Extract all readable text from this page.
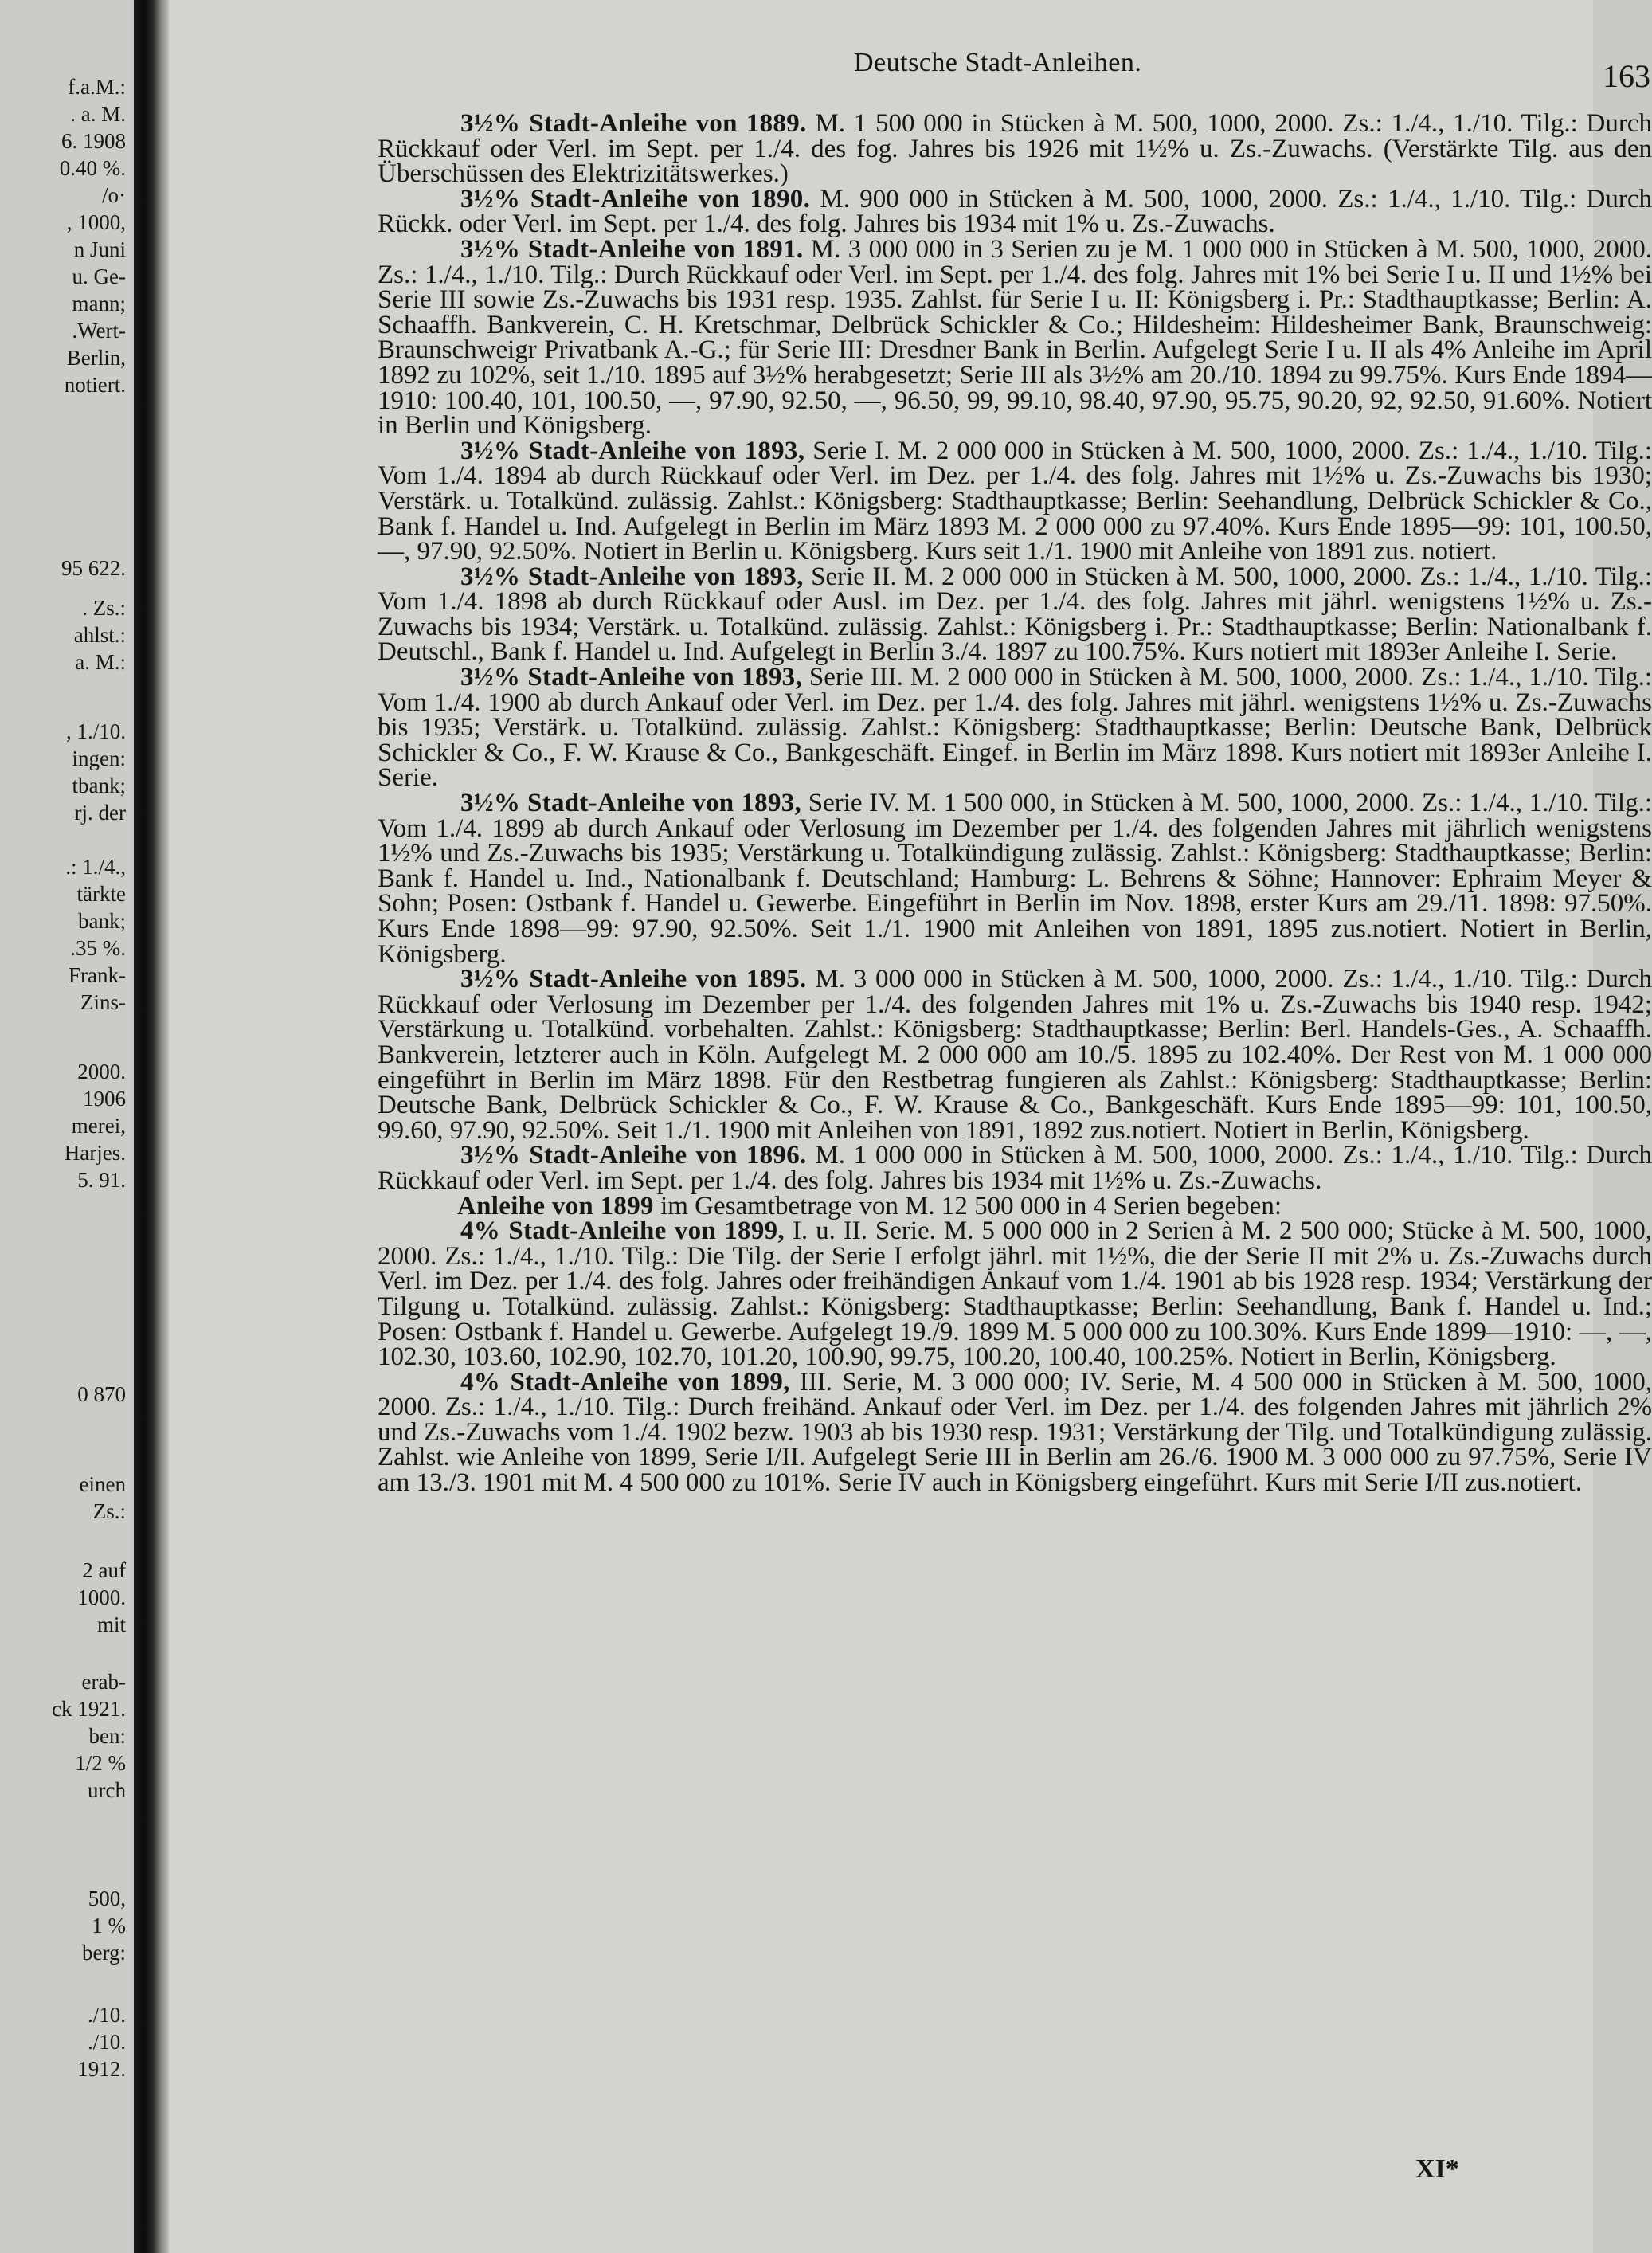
f.a.M.:
. a. M.
6. 1908
0.40 %.
/o·
, 1000,
n Juni
u. Ge-
mann;
.Wert-
Berlin,
notiert.
95 622.
. Zs.:
ahlst.:
a. M.:
, 1./10.
ingen:
tbank;
rj. der
.: 1./4.,
tärkte
bank;
.35 %.
Frank-
Zins-
2000.
1906
merei,
Harjes.
5. 91.
0 870
einen
Zs.:
2 auf
1000.
mit
erab-
ck 1921.
ben:
1/2 %
urch
500,
1 %
berg:
./10.
./10.
1912.
Deutsche Stadt-Anleihen.	163

3½% Stadt-Anleihe von 1889. M. 1 500 000 in Stücken à M. 500, 1000, 2000. Zs.: 1./4., 1./10. Tilg.: Durch Rückkauf oder Verl. im Sept. per 1./4. des fog. Jahres bis 1926 mit 1½% u. Zs.-Zuwachs. (Verstärkte Tilg. aus den Überschüssen des Elektrizitätswerkes.)

3½% Stadt-Anleihe von 1890. M. 900 000 in Stücken à M. 500, 1000, 2000. Zs.: 1./4., 1./10. Tilg.: Durch Rückk. oder Verl. im Sept. per 1./4. des folg. Jahres bis 1934 mit 1% u. Zs.-Zuwachs.

3½% Stadt-Anleihe von 1891. M. 3 000 000 in 3 Serien zu je M. 1 000 000 in Stücken à M. 500, 1000, 2000. Zs.: 1./4., 1./10. Tilg.: Durch Rückkauf oder Verl. im Sept. per 1./4. des folg. Jahres mit 1% bei Serie I u. II und 1½% bei Serie III sowie Zs.-Zuwachs bis 1931 resp. 1935. Zahlst. für Serie I u. II: Königsberg i. Pr.: Stadthauptkasse; Berlin: A. Schaaffh. Bankverein, C. H. Kretschmar, Delbrück Schickler & Co.; Hildesheim: Hildesheimer Bank, Braunschweig: Braunschweigr Privatbank A.-G.; für Serie III: Dresdner Bank in Berlin. Aufgelegt Serie I u. II als 4% Anleihe im April 1892 zu 102%, seit 1./10. 1895 auf 3½% herabgesetzt; Serie III als 3½% am 20./10. 1894 zu 99.75%. Kurs Ende 1894—1910: 100.40, 101, 100.50, —, 97.90, 92.50, —, 96.50, 99, 99.10, 98.40, 97.90, 95.75, 90.20, 92, 92.50, 91.60%. Notiert in Berlin und Königsberg.

3½% Stadt-Anleihe von 1893, Serie I. M. 2 000 000 in Stücken à M. 500, 1000, 2000. Zs.: 1./4., 1./10. Tilg.: Vom 1./4. 1894 ab durch Rückkauf oder Verl. im Dez. per 1./4. des folg. Jahres mit 1½% u. Zs.-Zuwachs bis 1930; Verstärk. u. Totalkünd. zulässig. Zahlst.: Königsberg: Stadthauptkasse; Berlin: Seehandlung, Delbrück Schickler & Co., Bank f. Handel u. Ind. Aufgelegt in Berlin im März 1893 M. 2 000 000 zu 97.40%. Kurs Ende 1895—99: 101, 100.50, —, 97.90, 92.50%. Notiert in Berlin u. Königsberg. Kurs seit 1./1. 1900 mit Anleihe von 1891 zus. notiert.

3½% Stadt-Anleihe von 1893, Serie II. M. 2 000 000 in Stücken à M. 500, 1000, 2000. Zs.: 1./4., 1./10. Tilg.: Vom 1./4. 1898 ab durch Rückkauf oder Ausl. im Dez. per 1./4. des folg. Jahres mit jährl. wenigstens 1½% u. Zs.-Zuwachs bis 1934; Verstärk. u. Totalkünd. zulässig. Zahlst.: Königsberg i. Pr.: Stadthauptkasse; Berlin: Nationalbank f. Deutschl., Bank f. Handel u. Ind. Aufgelegt in Berlin 3./4. 1897 zu 100.75%. Kurs notiert mit 1893er Anleihe I. Serie.

3½% Stadt-Anleihe von 1893, Serie III. M. 2 000 000 in Stücken à M. 500, 1000, 2000. Zs.: 1./4., 1./10. Tilg.: Vom 1./4. 1900 ab durch Ankauf oder Verl. im Dez. per 1./4. des folg. Jahres mit jährl. wenigstens 1½% u. Zs.-Zuwachs bis 1935; Verstärk. u. Totalkünd. zulässig. Zahlst.: Königsberg: Stadthauptkasse; Berlin: Deutsche Bank, Delbrück Schickler & Co., F. W. Krause & Co., Bankgeschäft. Eingef. in Berlin im März 1898. Kurs notiert mit 1893er Anleihe I. Serie.

3½% Stadt-Anleihe von 1893, Serie IV. M. 1 500 000, in Stücken à M. 500, 1000, 2000. Zs.: 1./4., 1./10. Tilg.: Vom 1./4. 1899 ab durch Ankauf oder Verlosung im Dezember per 1./4. des folgenden Jahres mit jährlich wenigstens 1½% und Zs.-Zuwachs bis 1935; Verstärkung u. Totalkündigung zulässig. Zahlst.: Königsberg: Stadthauptkasse; Berlin: Bank f. Handel u. Ind., Nationalbank f. Deutschland; Hamburg: L. Behrens & Söhne; Hannover: Ephraim Meyer & Sohn; Posen: Ostbank f. Handel u. Gewerbe. Eingeführt in Berlin im Nov. 1898, erster Kurs am 29./11. 1898: 97.50%. Kurs Ende 1898—99: 97.90, 92.50%. Seit 1./1. 1900 mit Anleihen von 1891, 1895 zus.notiert. Notiert in Berlin, Königsberg.

3½% Stadt-Anleihe von 1895. M. 3 000 000 in Stücken à M. 500, 1000, 2000. Zs.: 1./4., 1./10. Tilg.: Durch Rückkauf oder Verlosung im Dezember per 1./4. des folgenden Jahres mit 1% u. Zs.-Zuwachs bis 1940 resp. 1942; Verstärkung u. Totalkünd. vorbehalten. Zahlst.: Königsberg: Stadthauptkasse; Berlin: Berl. Handels-Ges., A. Schaaffh. Bankverein, letzterer auch in Köln. Aufgelegt M. 2 000 000 am 10./5. 1895 zu 102.40%. Der Rest von M. 1 000 000 eingeführt in Berlin im März 1898. Für den Restbetrag fungieren als Zahlst.: Königsberg: Stadthauptkasse; Berlin: Deutsche Bank, Delbrück Schickler & Co., F. W. Krause & Co., Bankgeschäft. Kurs Ende 1895—99: 101, 100.50, 99.60, 97.90, 92.50%. Seit 1./1. 1900 mit Anleihen von 1891, 1892 zus.notiert. Notiert in Berlin, Königsberg.

3½% Stadt-Anleihe von 1896. M. 1 000 000 in Stücken à M. 500, 1000, 2000. Zs.: 1./4., 1./10. Tilg.: Durch Rückkauf oder Verl. im Sept. per 1./4. des folg. Jahres bis 1934 mit 1½% u. Zs.-Zuwachs.

Anleihe von 1899 im Gesamtbetrage von M. 12 500 000 in 4 Serien begeben:

4% Stadt-Anleihe von 1899, I. u. II. Serie. M. 5 000 000 in 2 Serien à M. 2 500 000; Stücke à M. 500, 1000, 2000. Zs.: 1./4., 1./10. Tilg.: Die Tilg. der Serie I erfolgt jährl. mit 1½%, die der Serie II mit 2% u. Zs.-Zuwachs durch Verl. im Dez. per 1./4. des folg. Jahres oder freihändigen Ankauf vom 1./4. 1901 ab bis 1928 resp. 1934; Verstärkung der Tilgung u. Totalkünd. zulässig. Zahlst.: Königsberg: Stadthauptkasse; Berlin: Seehandlung, Bank f. Handel u. Ind.; Posen: Ostbank f. Handel u. Gewerbe. Aufgelegt 19./9. 1899 M. 5 000 000 zu 100.30%. Kurs Ende 1899—1910: —, —, 102.30, 103.60, 102.90, 102.70, 101.20, 100.90, 99.75, 100.20, 100.40, 100.25%. Notiert in Berlin, Königsberg.

4% Stadt-Anleihe von 1899, III. Serie, M. 3 000 000; IV. Serie, M. 4 500 000 in Stücken à M. 500, 1000, 2000. Zs.: 1./4., 1./10. Tilg.: Durch freihänd. Ankauf oder Verl. im Dez. per 1./4. des folgenden Jahres mit jährlich 2% und Zs.-Zuwachs vom 1./4. 1902 bezw. 1903 ab bis 1930 resp. 1931; Verstärkung der Tilg. und Totalkündigung zulässig. Zahlst. wie Anleihe von 1899, Serie I/II. Aufgelegt Serie III in Berlin am 26./6. 1900 M. 3 000 000 zu 97.75%, Serie IV am 13./3. 1901 mit M. 4 500 000 zu 101%. Serie IV auch in Königsberg eingeführt. Kurs mit Serie I/II zus.notiert.

XI*
